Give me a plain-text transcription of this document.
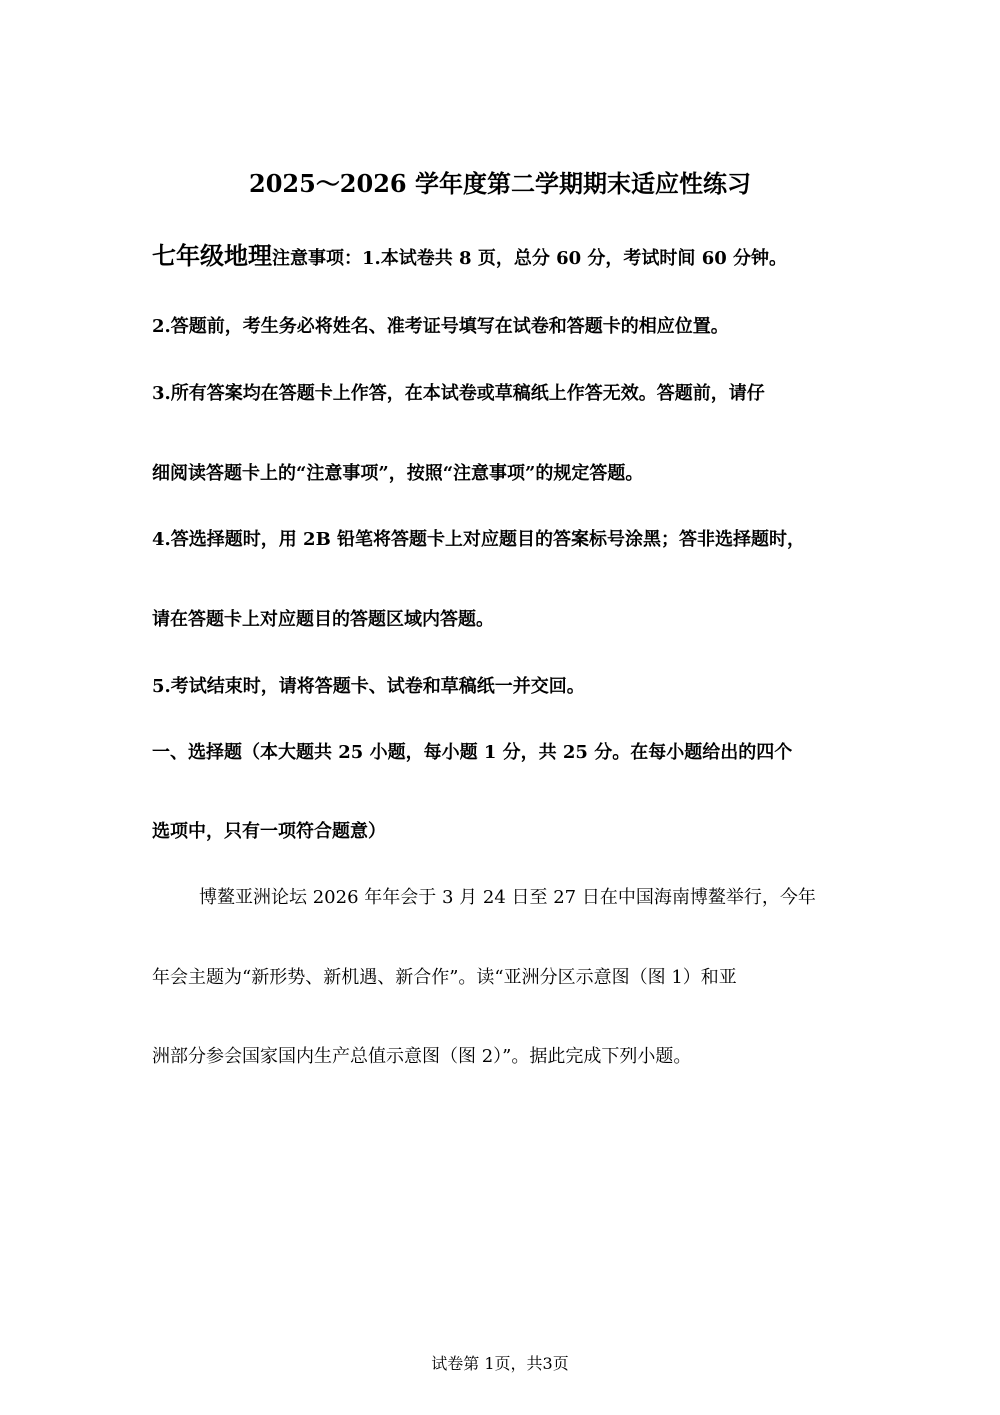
2025～2026 学年度第二学期期末适应性练习
七年级地理注意事项：1.本试卷共 8 页，总分 60 分，考试时间 60 分钟。
2.答题前，考生务必将姓名、准考证号填写在试卷和答题卡的相应位置。
3.所有答案均在答题卡上作答，在本试卷或草稿纸上作答无效。答题前，请仔
细阅读答题卡上的“注意事项”，按照“注意事项”的规定答题。
4.答选择题时，用 2B 铅笔将答题卡上对应题目的答案标号涂黑；答非选择题时，
请在答题卡上对应题目的答题区域内答题。
5.考试结束时，请将答题卡、试卷和草稿纸一并交回。
一、选择题（本大题共 25 小题，每小题 1 分，共 25 分。在每小题给出的四个
选项中，只有一项符合题意）
博鳌亚洲论坛 2026 年年会于 3 月 24 日至 27 日在中国海南博鳌举行，今年
年会主题为“新形势、新机遇、新合作”。读“亚洲分区示意图（图 1）和亚
洲部分参会国家国内生产总值示意图（图 2）”。据此完成下列小题。
试卷第 1页，共3页
